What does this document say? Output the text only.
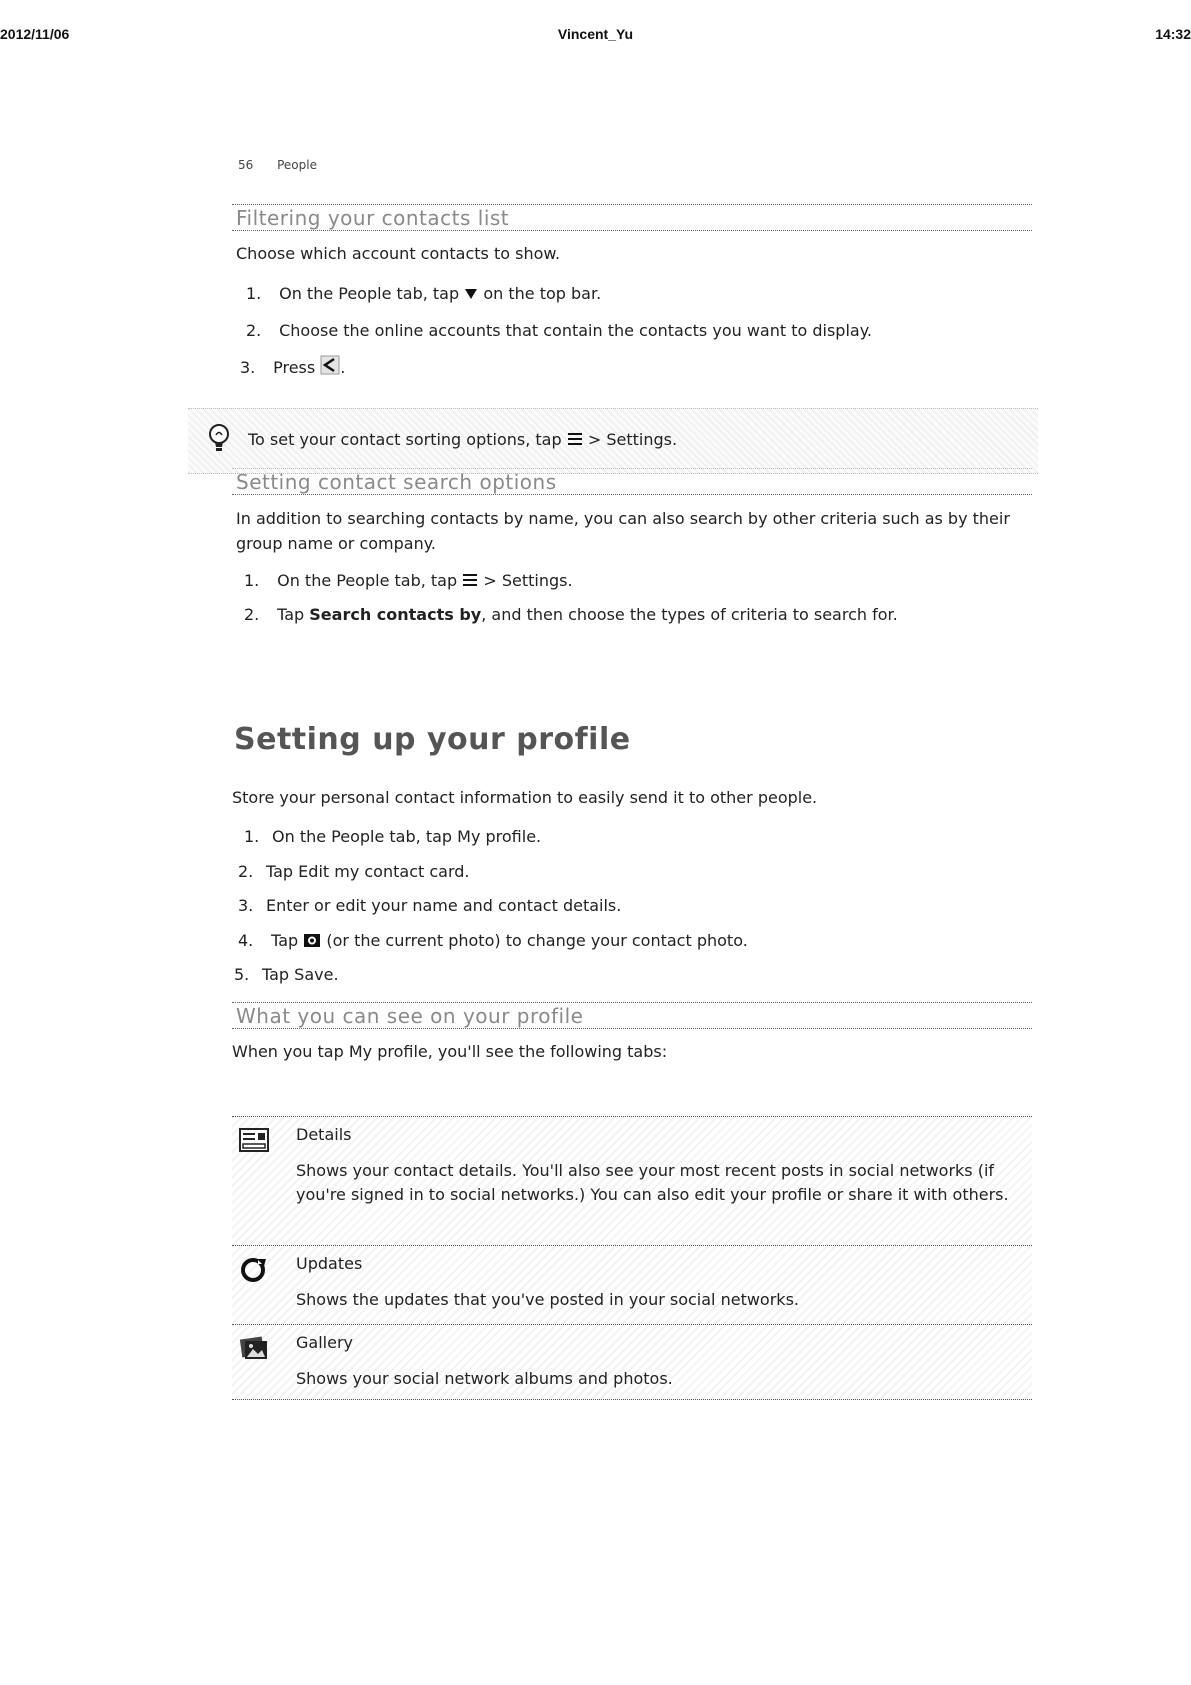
2012/11/06	Vincent_Yu	14:32
56 People
Filtering your contacts list
Choose which account contacts to show.
1. On the People tab, tap on the top bar.
2. Choose the online accounts that contain the contacts you want to display.
3. Press .
To set your contact sorting options, tap > Settings.
Setting contact search options
In addition to searching contacts by name, you can also search by other criteria such as by their group name or company.
1. On the People tab, tap > Settings.
2. Tap Search contacts by, and then choose the types of criteria to search for.
Setting up your profile
Store your personal contact information to easily send it to other people.
1. On the People tab, tap My profile.
2. Tap Edit my contact card.
3. Enter or edit your name and contact details.
4. Tap (or the current photo) to change your contact photo.
5. Tap Save.
What you can see on your profile
When you tap My profile, you'll see the following tabs:
Details
Shows your contact details. You'll also see your most recent posts in social networks (if you're signed in to social networks.) You can also edit your profile or share it with others.
Updates
Shows the updates that you've posted in your social networks.
Gallery
Shows your social network albums and photos.
